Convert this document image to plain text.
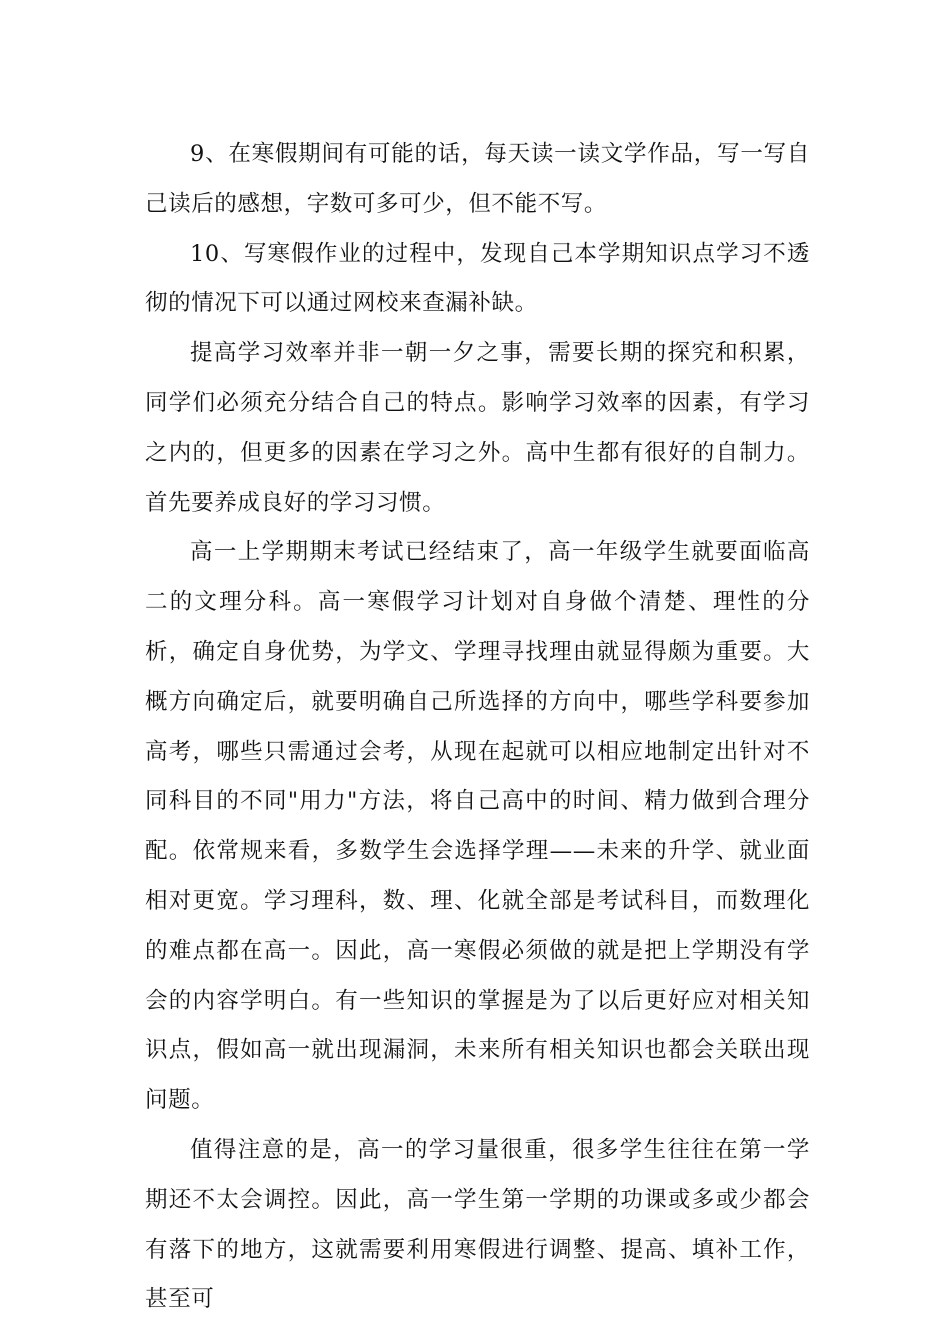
9、在寒假期间有可能的话，每天读一读文学作品，写一写自己读后的感想，字数可多可少，但不能不写。

10、写寒假作业的过程中，发现自己本学期知识点学习不透彻的情况下可以通过网校来查漏补缺。

提高学习效率并非一朝一夕之事，需要长期的探究和积累，同学们必须充分结合自己的特点。影响学习效率的因素，有学习之内的，但更多的因素在学习之外。高中生都有很好的自制力。首先要养成良好的学习习惯。

高一上学期期末考试已经结束了，高一年级学生就要面临高二的文理分科。高一寒假学习计划对自身做个清楚、理性的分析，确定自身优势，为学文、学理寻找理由就显得颇为重要。大概方向确定后，就要明确自己所选择的方向中，哪些学科要参加高考，哪些只需通过会考，从现在起就可以相应地制定出针对不同科目的不同"用力"方法，将自己高中的时间、精力做到合理分配。依常规来看，多数学生会选择学理——未来的升学、就业面相对更宽。学习理科，数、理、化就全部是考试科目，而数理化的难点都在高一。因此，高一寒假必须做的就是把上学期没有学会的内容学明白。有一些知识的掌握是为了以后更好应对相关知识点，假如高一就出现漏洞，未来所有相关知识也都会关联出现问题。

值得注意的是，高一的学习量很重，很多学生往往在第一学期还不太会调控。因此，高一学生第一学期的功课或多或少都会有落下的地方，这就需要利用寒假进行调整、提高、填补工作，甚至可
